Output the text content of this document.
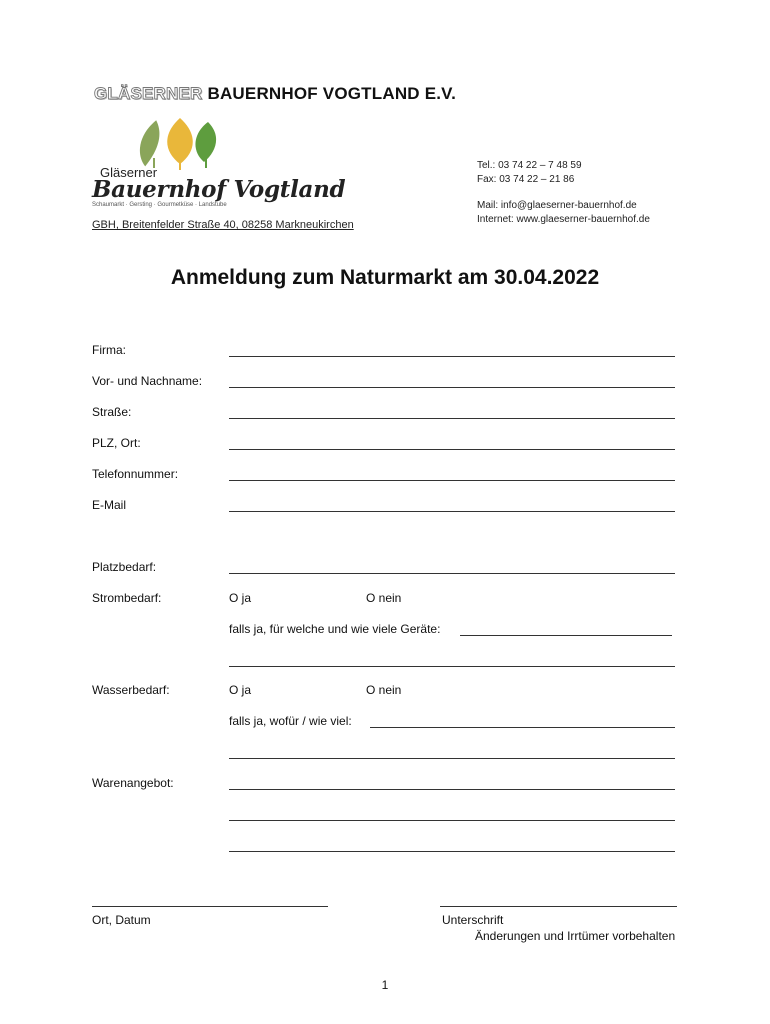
GLÄSERNER BAUERNHOF VOGTLAND E.V.
Gläserner
Bauernhof Vogtland
Schaumarkt · Gersting · Gourmetküse · Landstube
Tel.: 03 74 22 – 7 48 59
Fax: 03 74 22 – 21 86
Mail: info@glaeserner-bauernhof.de
Internet: www.glaeserner-bauernhof.de
GBH, Breitenfelder Straße 40, 08258 Markneukirchen
Anmeldung zum Naturmarkt am 30.04.2022
Firma:
Vor- und Nachname:
Straße:
PLZ, Ort:
Telefonnummer:
E-Mail
Platzbedarf:
Strombedarf:	O ja	O nein
falls ja, für welche und wie viele Geräte:
Wasserbedarf:	O ja	O nein
falls ja, wofür / wie viel:
Warenangebot:
Ort, Datum	Unterschrift
Änderungen und Irrtümer vorbehalten
1
